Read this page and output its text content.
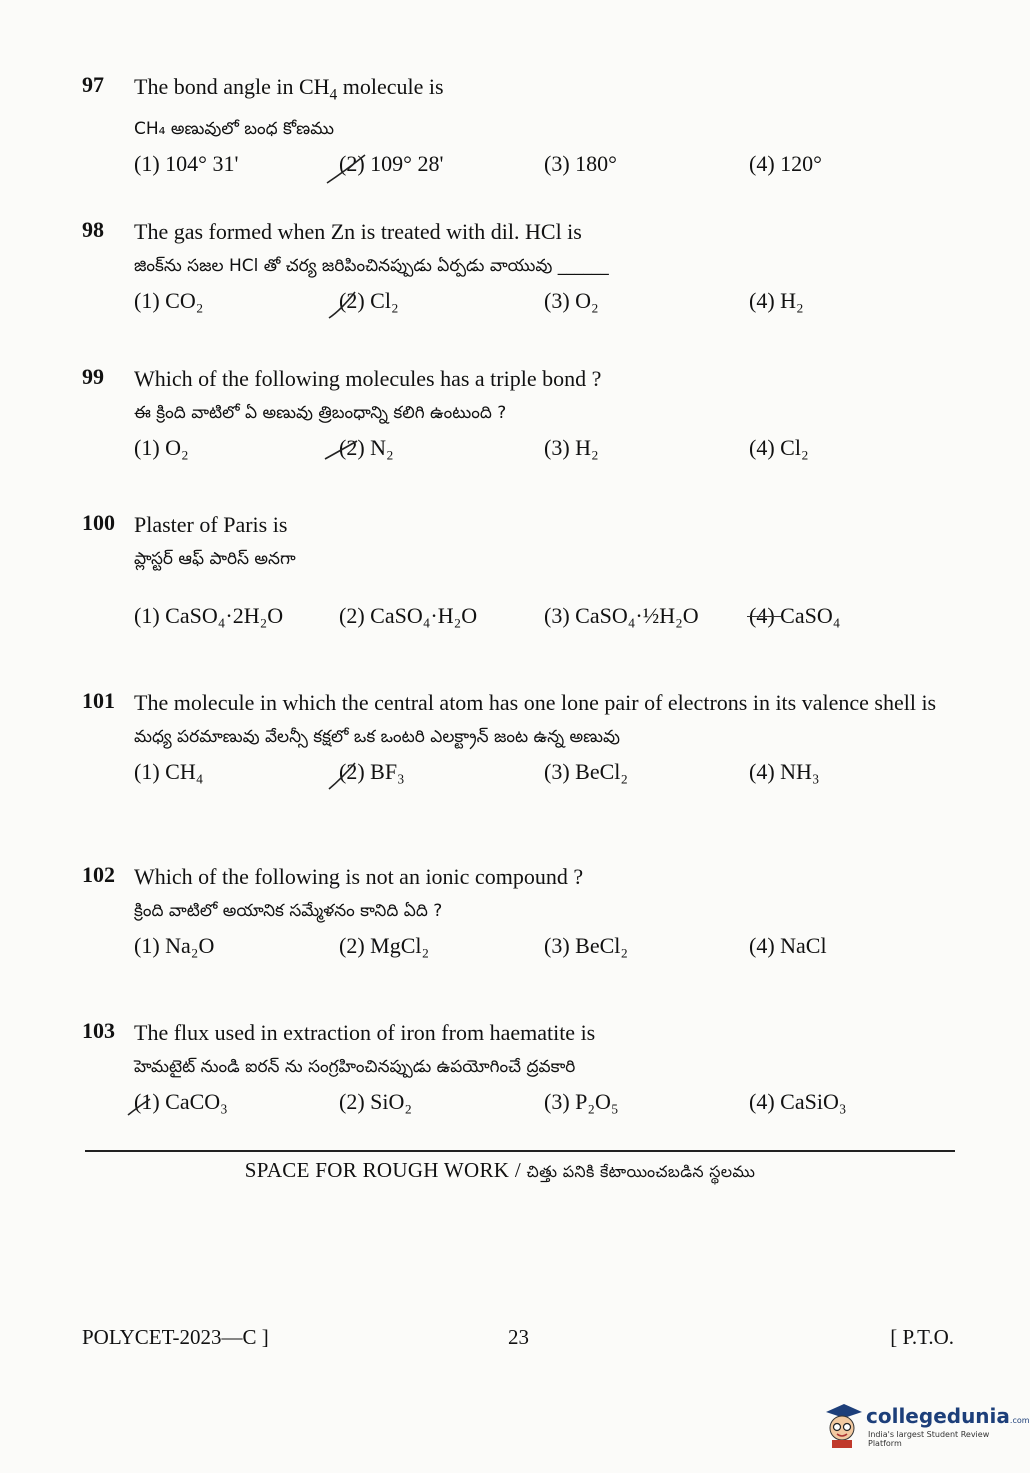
97 The bond angle in $CH_4$ molecule is
CH₄ అణువులో బంధ కోణము
(1) 104° 31'	(2) 109° 28'	(3) 180°	(4) 120°
98 The gas formed when Zn is treated with dil. HCl is
జింక్‌ను సజల HCl తో చర్య జరిపించినప్పుడు ఏర్పడు వాయువు ______
(1) CO₂	(2) Cl₂	(3) O₂	(4) H₂
99 Which of the following molecules has a triple bond ?
ఈ క్రింది వాటిలో ఏ అణువు త్రిబంధాన్ని కలిగి ఉంటుంది ?
(1) O₂	(2) N₂	(3) H₂	(4) Cl₂
100 Plaster of Paris is
ప్లాస్టర్ ఆఫ్ పారిస్ అనగా
(1) CaSO₄·2H₂O	(2) CaSO₄·H₂O	(3) CaSO₄·½H₂O (4) CaSO₄
101 The molecule in which the central atom has one lone pair of electrons in its valence shell is
మధ్య పరమాణువు వేలన్సీ కక్షలో ఒక ఒంటరి ఎలక్ట్రాన్ జంట ఉన్న అణువు
(1) CH₄	(2) BF₃	(3) BeCl₂	(4) NH₃
102 Which of the following is not an ionic compound ?
క్రింది వాటిలో అయానిక సమ్మేళనం కానిది ఏది ?
(1) Na₂O	(2) MgCl₂	(3) BeCl₂	(4) NaCl
103 The flux used in extraction of iron from haematite is
హెమటైట్ నుండి ఐరన్ ను సంగ్రహించినప్పుడు ఉపయోగించే ద్రవకారి
(1) CaCO₃	(2) SiO₂	(3) P₂O₅	(4) CaSiO₃
SPACE FOR ROUGH WORK / చిత్తు పనికి కేటాయించబడిన స్థలము
POLYCET-2023—C ]	23	[ P.T.O.
collegedunia.com
India's largest Student Review Platform
